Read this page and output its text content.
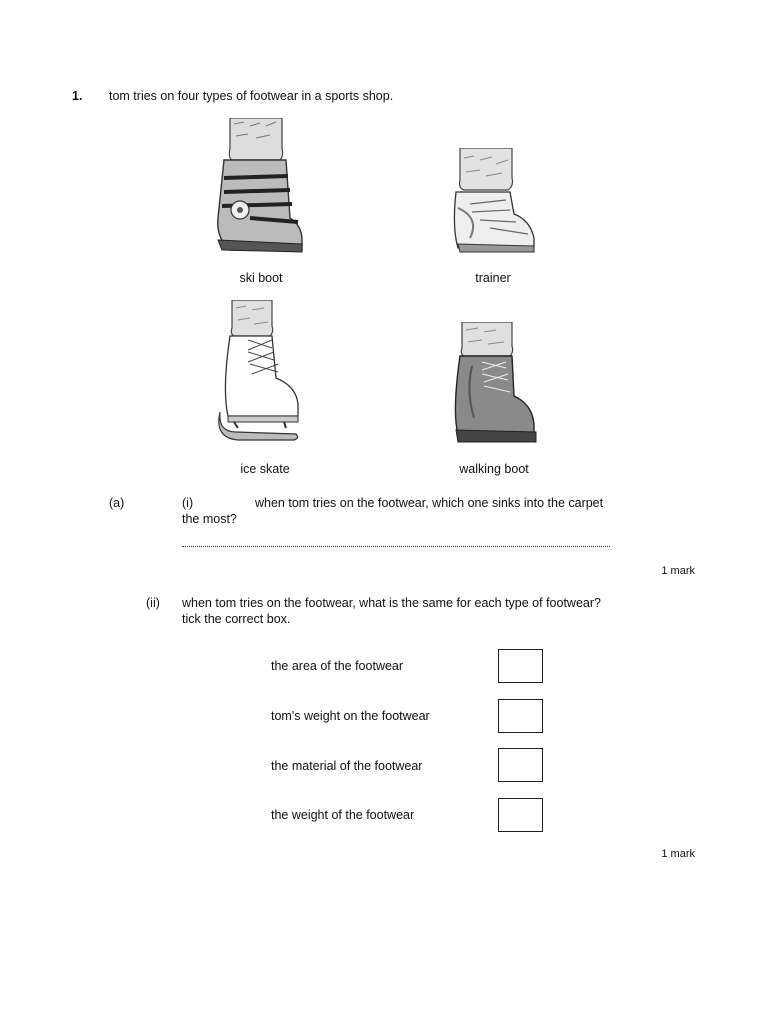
1. tom tries on four types of footwear in a sports shop.
ski boot	trainer
ice skate	walking boot
(a)	(i)	when tom tries on the footwear, which one sinks into the carpet
the most?
1 mark
(ii) when tom tries on the footwear, what is the same for each type of footwear?
tick the correct box.
the area of the footwear
tom's weight on the footwear
the material of the footwear
the weight of the footwear
1 mark
